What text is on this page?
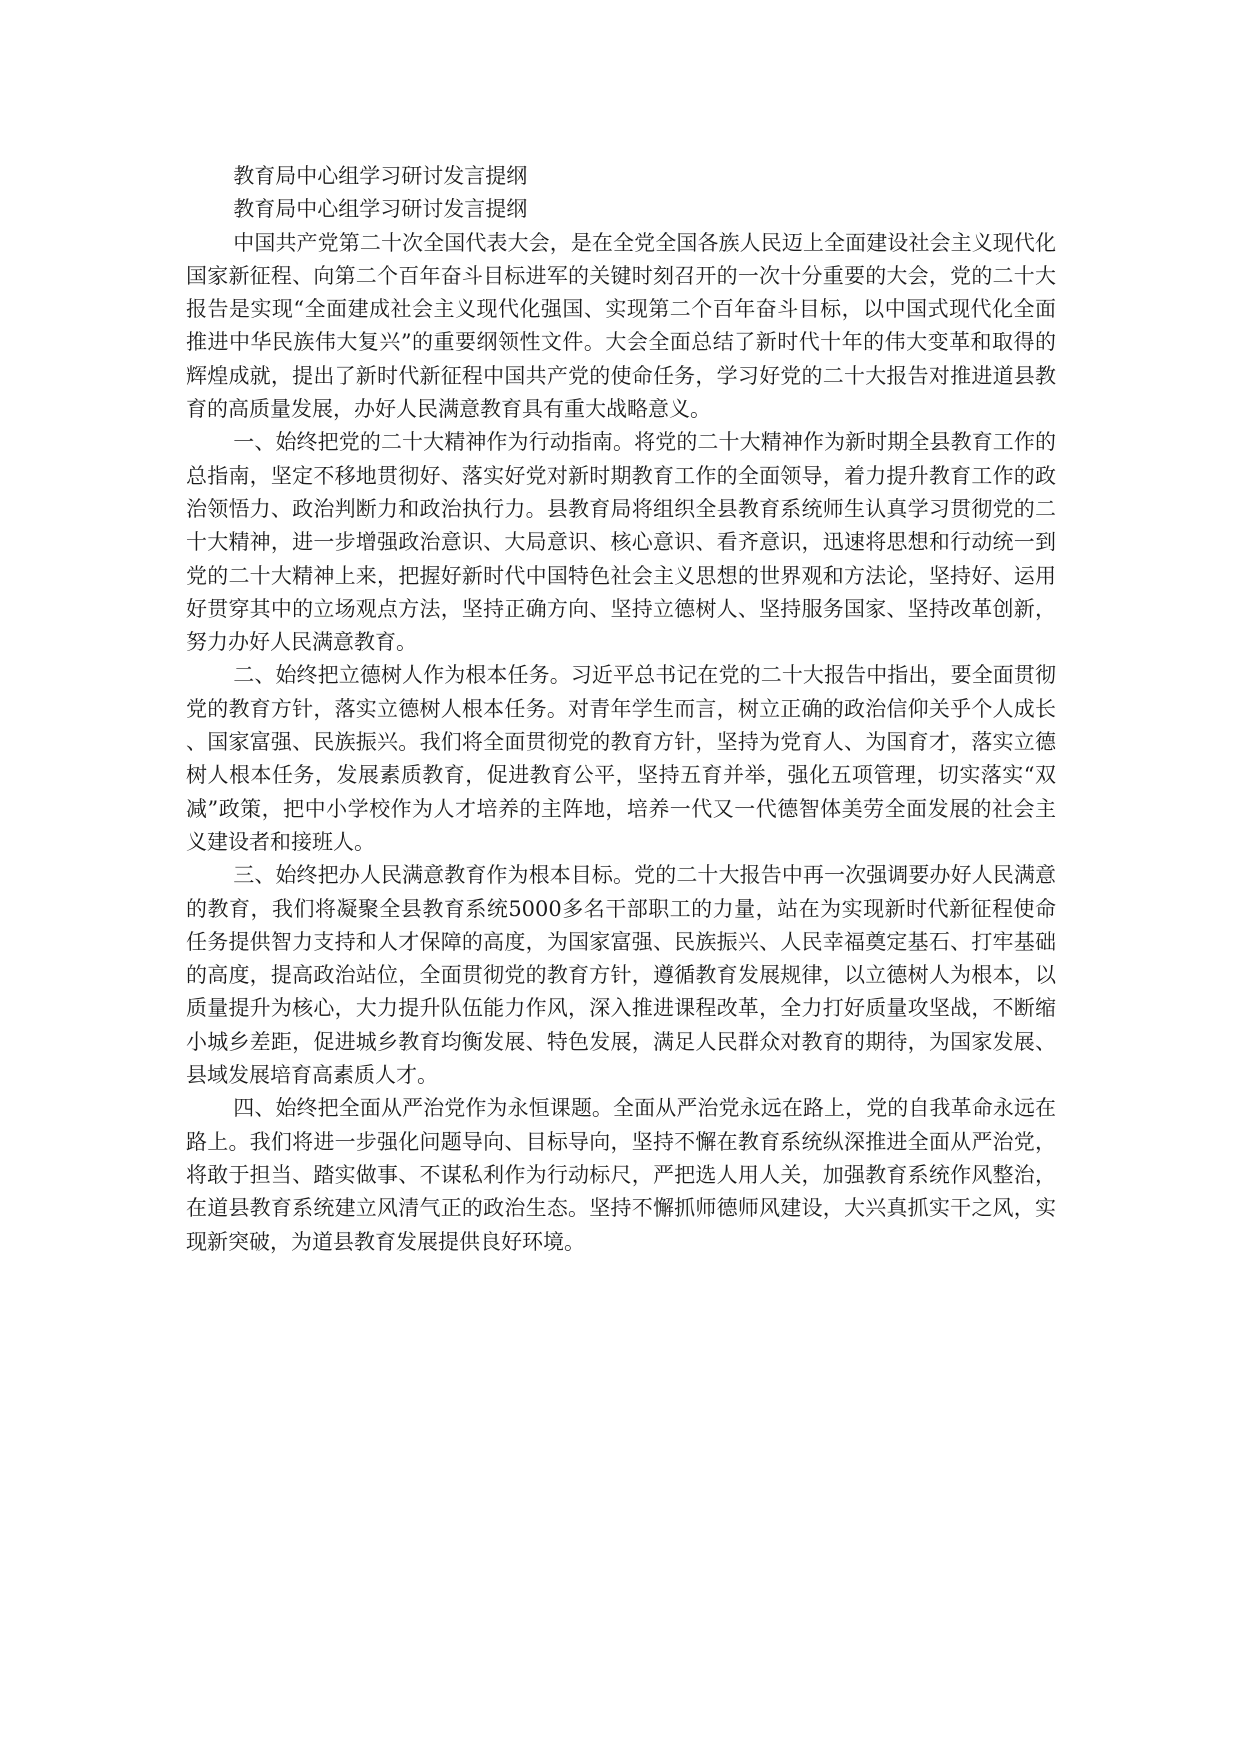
教育局中心组学习研讨发言提纲

教育局中心组学习研讨发言提纲

中国共产党第二十次全国代表大会，是在全党全国各族人民迈上全面建设社会主义现代化国家新征程、向第二个百年奋斗目标进军的关键时刻召开的一次十分重要的大会，党的二十大报告是实现“全面建成社会主义现代化强国、实现第二个百年奋斗目标，以中国式现代化全面推进中华民族伟大复兴”的重要纲领性文件。大会全面总结了新时代十年的伟大变革和取得的辉煌成就，提出了新时代新征程中国共产党的使命任务，学习好党的二十大报告对推进道县教育的高质量发展，办好人民满意教育具有重大战略意义。

一、始终把党的二十大精神作为行动指南。将党的二十大精神作为新时期全县教育工作的总指南，坚定不移地贯彻好、落实好党对新时期教育工作的全面领导，着力提升教育工作的政治领悟力、政治判断力和政治执行力。县教育局将组织全县教育系统师生认真学习贯彻党的二十大精神，进一步增强政治意识、大局意识、核心意识、看齐意识，迅速将思想和行动统一到党的二十大精神上来，把握好新时代中国特色社会主义思想的世界观和方法论，坚持好、运用好贯穿其中的立场观点方法，坚持正确方向、坚持立德树人、坚持服务国家、坚持改革创新，努力办好人民满意教育。

二、始终把立德树人作为根本任务。习近平总书记在党的二十大报告中指出，要全面贯彻党的教育方针，落实立德树人根本任务。对青年学生而言，树立正确的政治信仰关乎个人成长、国家富强、民族振兴。我们将全面贯彻党的教育方针，坚持为党育人、为国育才，落实立德树人根本任务，发展素质教育，促进教育公平，坚持五育并举，强化五项管理，切实落实“双减”政策，把中小学校作为人才培养的主阵地，培养一代又一代德智体美劳全面发展的社会主义建设者和接班人。

三、始终把办人民满意教育作为根本目标。党的二十大报告中再一次强调要办好人民满意的教育，我们将凝聚全县教育系统5000多名干部职工的力量，站在为实现新时代新征程使命任务提供智力支持和人才保障的高度，为国家富强、民族振兴、人民幸福奠定基石、打牢基础的高度，提高政治站位，全面贯彻党的教育方针，遵循教育发展规律，以立德树人为根本，以质量提升为核心，大力提升队伍能力作风，深入推进课程改革，全力打好质量攻坚战，不断缩小城乡差距，促进城乡教育均衡发展、特色发展，满足人民群众对教育的期待，为国家发展、县域发展培育高素质人才。

四、始终把全面从严治党作为永恒课题。全面从严治党永远在路上，党的自我革命永远在路上。我们将进一步强化问题导向、目标导向，坚持不懈在教育系统纵深推进全面从严治党，将敢于担当、踏实做事、不谋私利作为行动标尺，严把选人用人关，加强教育系统作风整治，在道县教育系统建立风清气正的政治生态。坚持不懈抓师德师风建设，大兴真抓实干之风，实现新突破，为道县教育发展提供良好环境。
